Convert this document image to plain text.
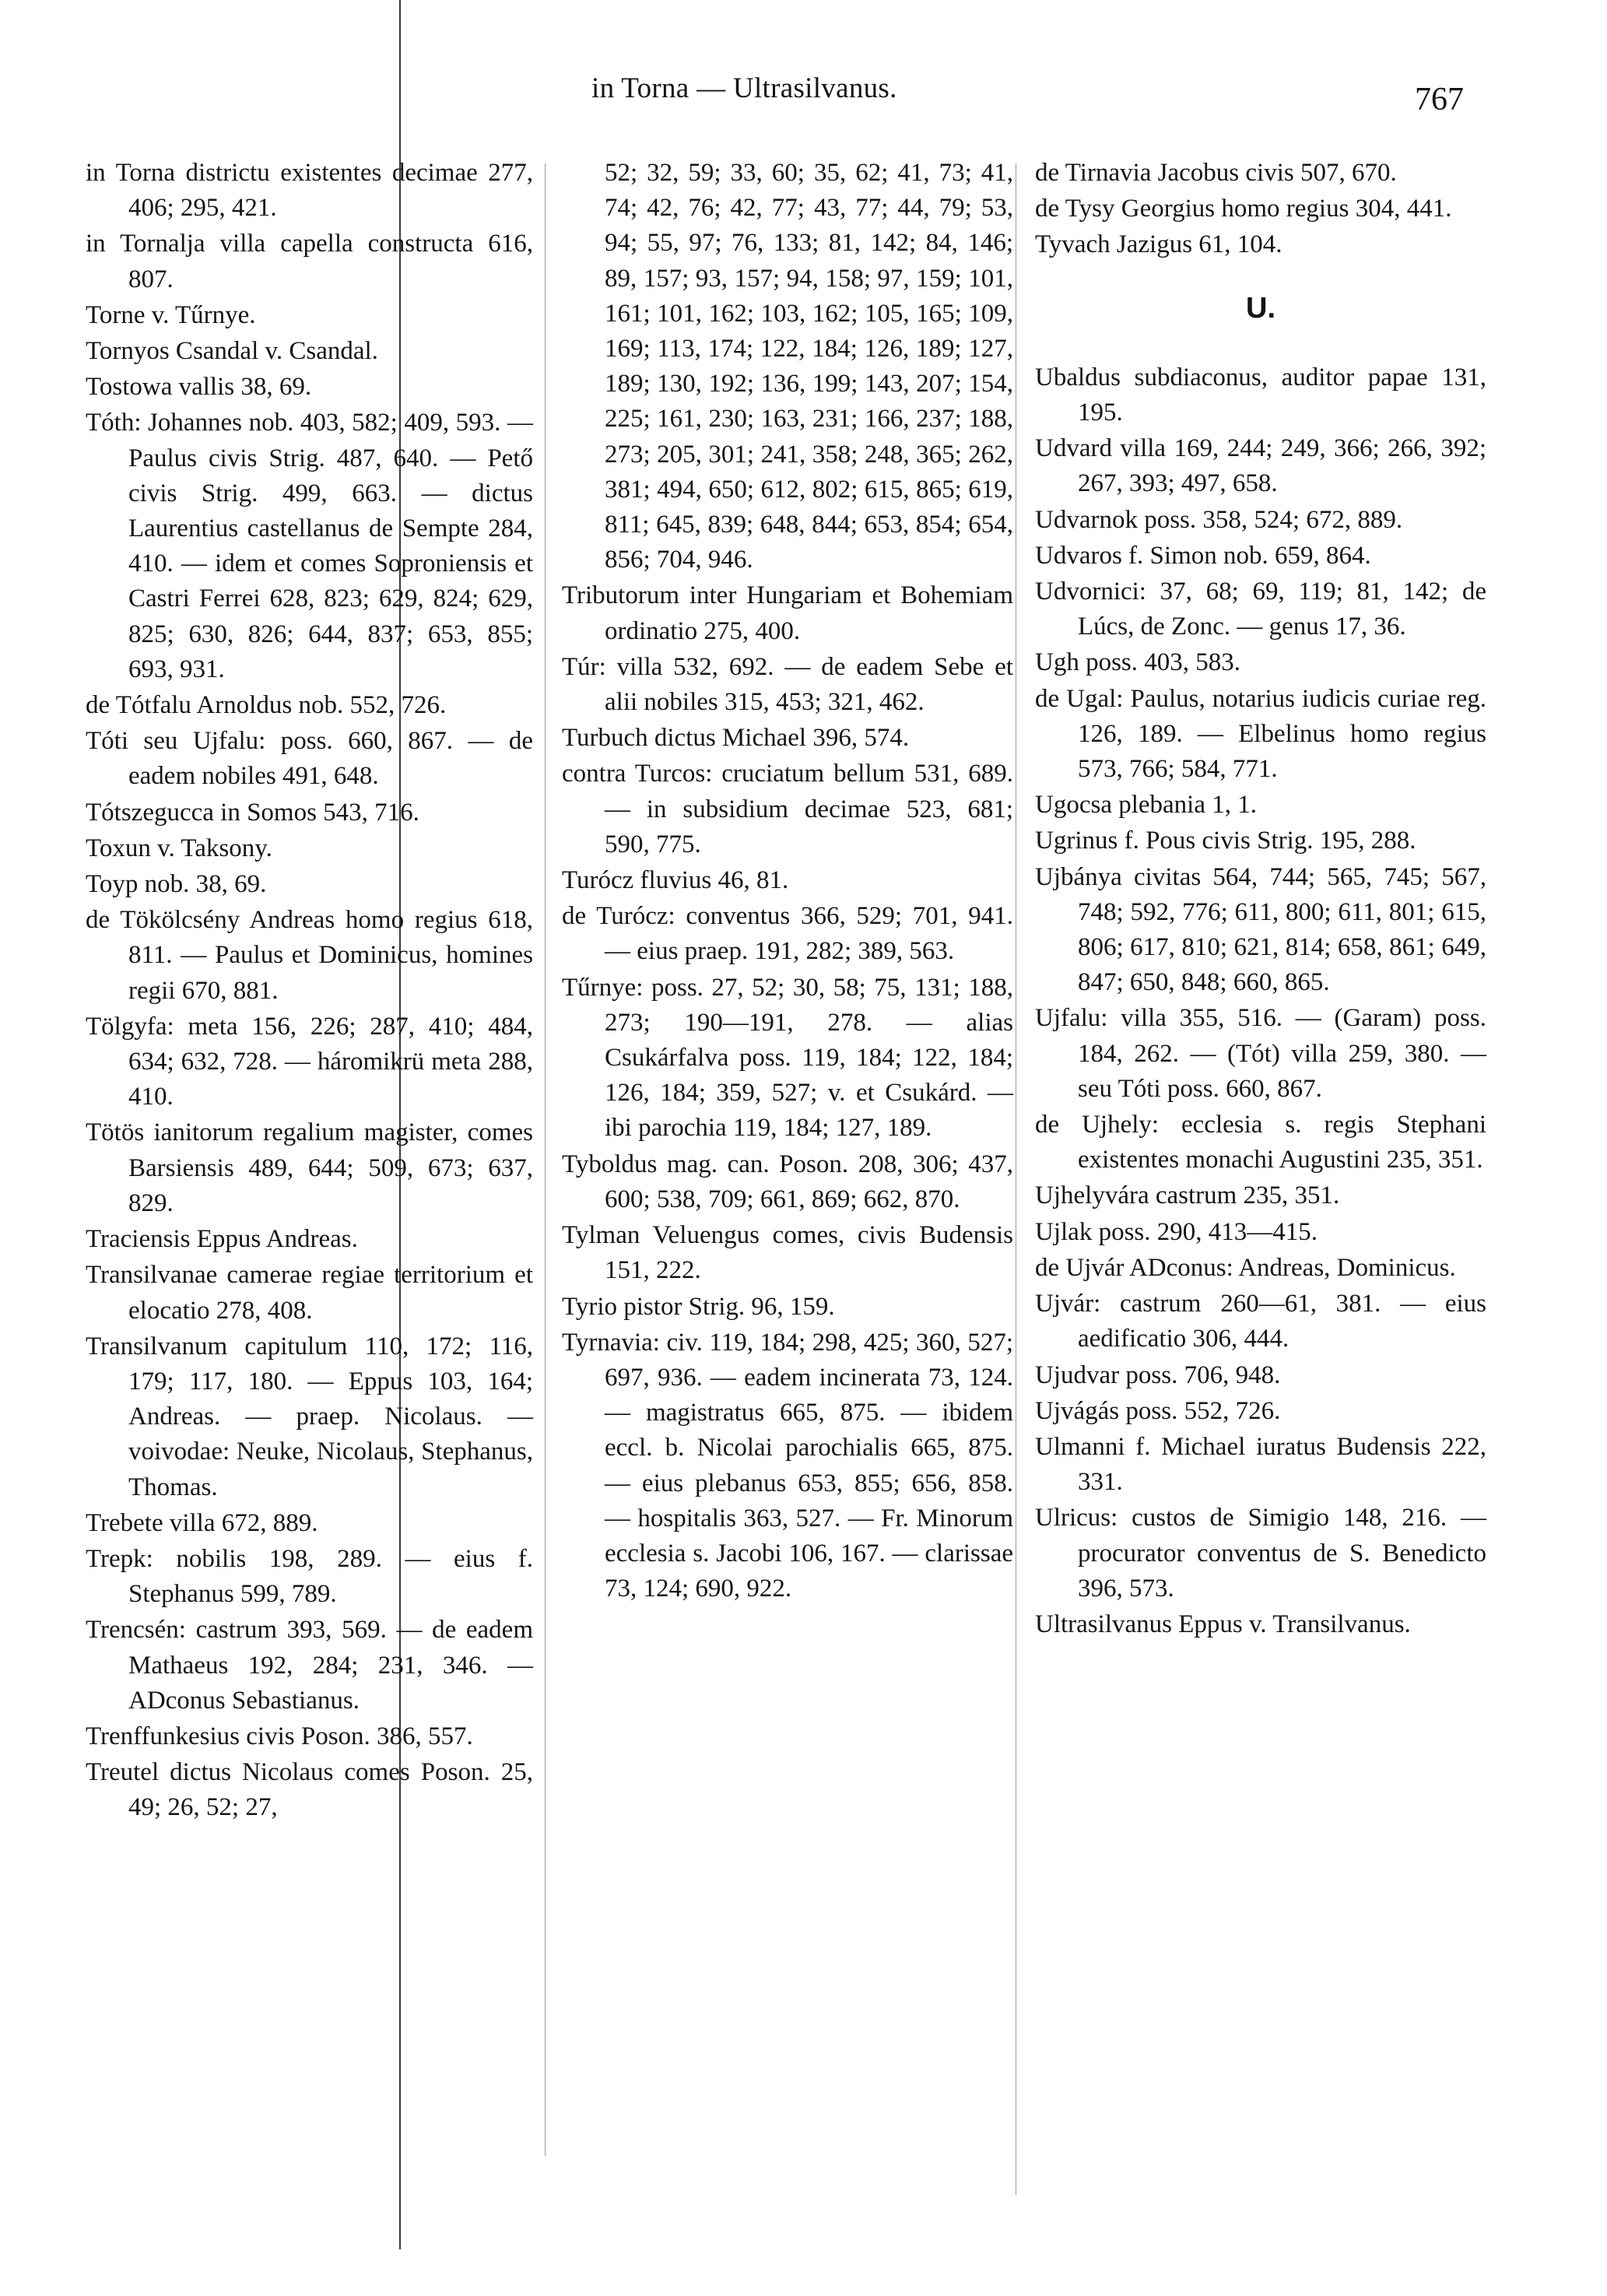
in Torna — Ultrasilvanus.	767

in Torna districtu existentes decimae 277, 406; 295, 421.

in Tornalja villa capella constructa 616, 807.

Torne v. Tűrnye.

Tornyos Csandal v. Csandal.

Tostowa vallis 38, 69.

Tóth: Johannes nob. 403, 582; 409, 593. — Paulus civis Strig. 487, 640. — Pető civis Strig. 499, 663. — dictus Laurentius castellanus de Sempte 284, 410. — idem et comes Soproniensis et Castri Ferrei 628, 823; 629, 824; 629, 825; 630, 826; 644, 837; 653, 855; 693, 931.

de Tótfalu Arnoldus nob. 552, 726.

Tóti seu Ujfalu: poss. 660, 867. — de eadem nobiles 491, 648.

Tótszegucca in Somos 543, 716.

Toxun v. Taksony.

Toyp nob. 38, 69.

de Tökölcsény Andreas homo regius 618, 811. — Paulus et Dominicus, homines regii 670, 881.

Tölgyfa: meta 156, 226; 287, 410; 484, 634; 632, 728. — háromikrü meta 288, 410.

Tötös ianitorum regalium magister, comes Barsiensis 489, 644; 509, 673; 637, 829.

Traciensis Eppus Andreas.

Transilvanae camerae regiae territorium et elocatio 278, 408.

Transilvanum capitulum 110, 172; 116, 179; 117, 180. — Eppus 103, 164; Andreas. — praep. Nicolaus. — voivodae: Neuke, Nicolaus, Stephanus, Thomas.

Trebete villa 672, 889.

Trepk: nobilis 198, 289. — eius f. Stephanus 599, 789.

Trencsén: castrum 393, 569. — de eadem Mathaeus 192, 284; 231, 346. — ADconus Sebastianus.

Trenffunkesius civis Poson. 386, 557.

Treutel dictus Nicolaus comes Poson. 25, 49; 26, 52; 27,

52; 32, 59; 33, 60; 35, 62; 41, 73; 41, 74; 42, 76; 42, 77; 43, 77; 44, 79; 53, 94; 55, 97; 76, 133; 81, 142; 84, 146; 89, 157; 93, 157; 94, 158; 97, 159; 101, 161; 101, 162; 103, 162; 105, 165; 109, 169; 113, 174; 122, 184; 126, 189; 127, 189; 130, 192; 136, 199; 143, 207; 154, 225; 161, 230; 163, 231; 166, 237; 188, 273; 205, 301; 241, 358; 248, 365; 262, 381; 494, 650; 612, 802; 615, 865; 619, 811; 645, 839; 648, 844; 653, 854; 654, 856; 704, 946.

Tributorum inter Hungariam et Bohemiam ordinatio 275, 400.

Túr: villa 532, 692. — de eadem Sebe et alii nobiles 315, 453; 321, 462.

Turbuch dictus Michael 396, 574.

contra Turcos: cruciatum bellum 531, 689. — in subsidium decimae 523, 681; 590, 775.

Turócz fluvius 46, 81.

de Turócz: conventus 366, 529; 701, 941. — eius praep. 191, 282; 389, 563.

Tűrnye: poss. 27, 52; 30, 58; 75, 131; 188, 273; 190—191, 278. — alias Csukárfalva poss. 119, 184; 122, 184; 126, 184; 359, 527; v. et Csukárd. — ibi parochia 119, 184; 127, 189.

Tyboldus mag. can. Poson. 208, 306; 437, 600; 538, 709; 661, 869; 662, 870.

Tylman Veluengus comes, civis Budensis 151, 222.

Tyrio pistor Strig. 96, 159.

Tyrnavia: civ. 119, 184; 298, 425; 360, 527; 697, 936. — eadem incinerata 73, 124. — magistratus 665, 875. — ibidem eccl. b. Nicolai parochialis 665, 875. — eius plebanus 653, 855; 656, 858. — hospitalis 363, 527. — Fr. Minorum ecclesia s. Jacobi 106, 167. — clarissae 73, 124; 690, 922.

de Tirnavia Jacobus civis 507, 670.

de Tysy Georgius homo regius 304, 441.

Tyvach Jazigus 61, 104.

U.

Ubaldus subdiaconus, auditor papae 131, 195.

Udvard villa 169, 244; 249, 366; 266, 392; 267, 393; 497, 658.

Udvarnok poss. 358, 524; 672, 889.

Udvaros f. Simon nob. 659, 864.

Udvornici: 37, 68; 69, 119; 81, 142; de Lúcs, de Zonc. — genus 17, 36.

Ugh poss. 403, 583.

de Ugal: Paulus, notarius iudicis curiae reg. 126, 189. — Elbelinus homo regius 573, 766; 584, 771.

Ugocsa plebania 1, 1.

Ugrinus f. Pous civis Strig. 195, 288.

Ujbánya civitas 564, 744; 565, 745; 567, 748; 592, 776; 611, 800; 611, 801; 615, 806; 617, 810; 621, 814; 658, 861; 649, 847; 650, 848; 660, 865.

Ujfalu: villa 355, 516. — (Garam) poss. 184, 262. — (Tót) villa 259, 380. — seu Tóti poss. 660, 867.

de Ujhely: ecclesia s. regis Stephani existentes monachi Augustini 235, 351.

Ujhelyvára castrum 235, 351.

Ujlak poss. 290, 413—415.

de Ujvár ADconus: Andreas, Dominicus.

Ujvár: castrum 260—61, 381. — eius aedificatio 306, 444.

Ujudvar poss. 706, 948.

Ujvágás poss. 552, 726.

Ulmanni f. Michael iuratus Budensis 222, 331.

Ulricus: custos de Simigio 148, 216. — procurator conventus de S. Benedicto 396, 573.

Ultrasilvanus Eppus v. Transilvanus.
